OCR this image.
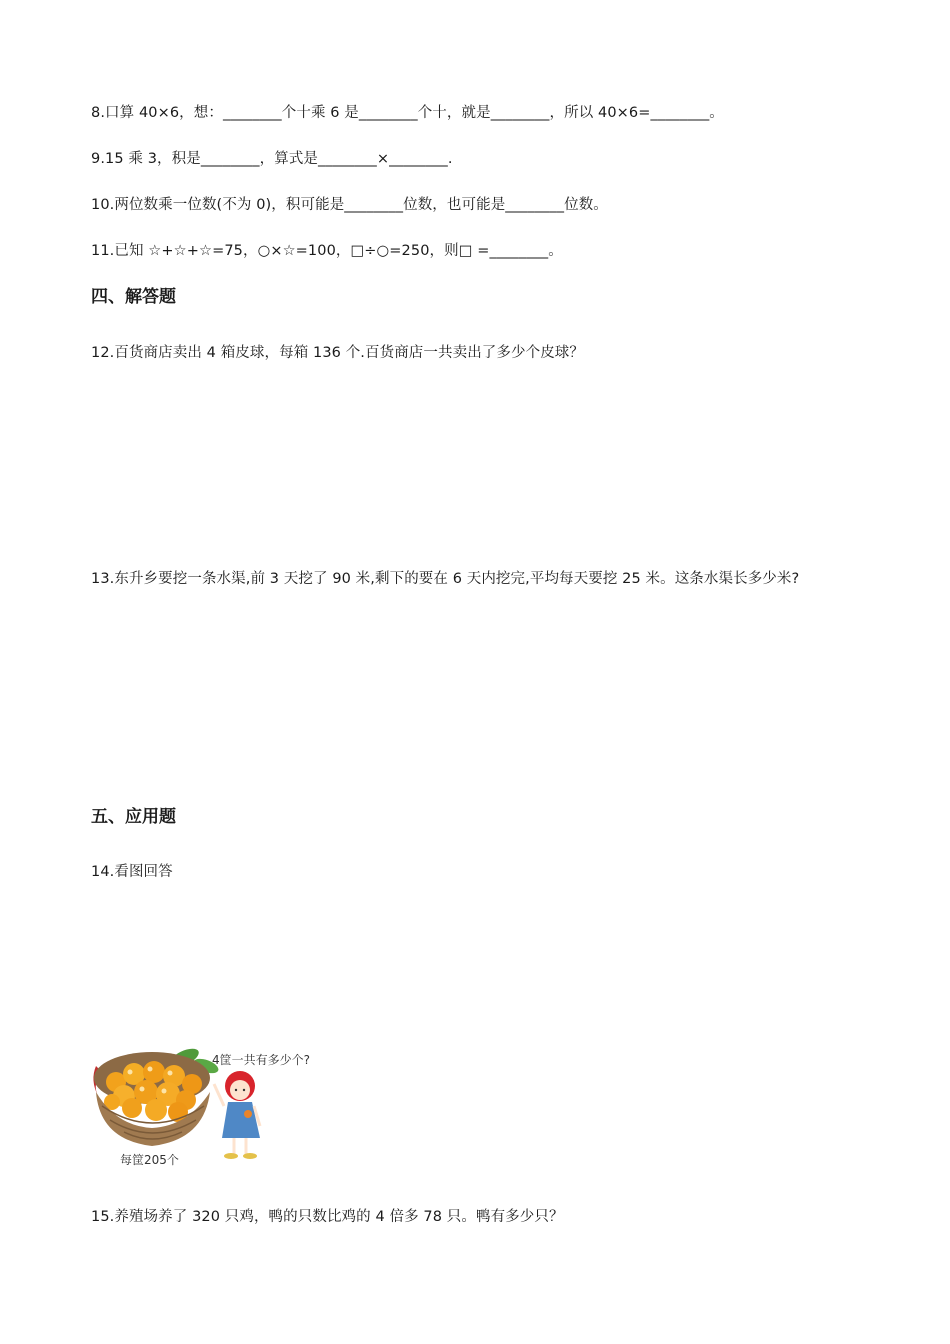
8.口算 40×6，想：________个十乘 6 是________个十，就是________，所以 40×6=________。
9.15 乘 3，积是________，算式是________×________.
10.两位数乘一位数(不为 0)，积可能是________位数，也可能是________位数。
11.已知 ☆+☆+☆=75，○×☆=100，□÷○=250，则□ =________。
四、解答题
12.百货商店卖出 4 箱皮球，每箱 136 个.百货商店一共卖出了多少个皮球？
13.东升乡要挖一条水渠,前 3 天挖了 90 米,剩下的要在 6 天内挖完,平均每天要挖 25 米。这条水渠长多少米?
五、应用题
14.看图回答
每筐205个
4筐一共有多少个?
15.养殖场养了 320 只鸡，鸭的只数比鸡的 4 倍多 78 只。鸭有多少只？
